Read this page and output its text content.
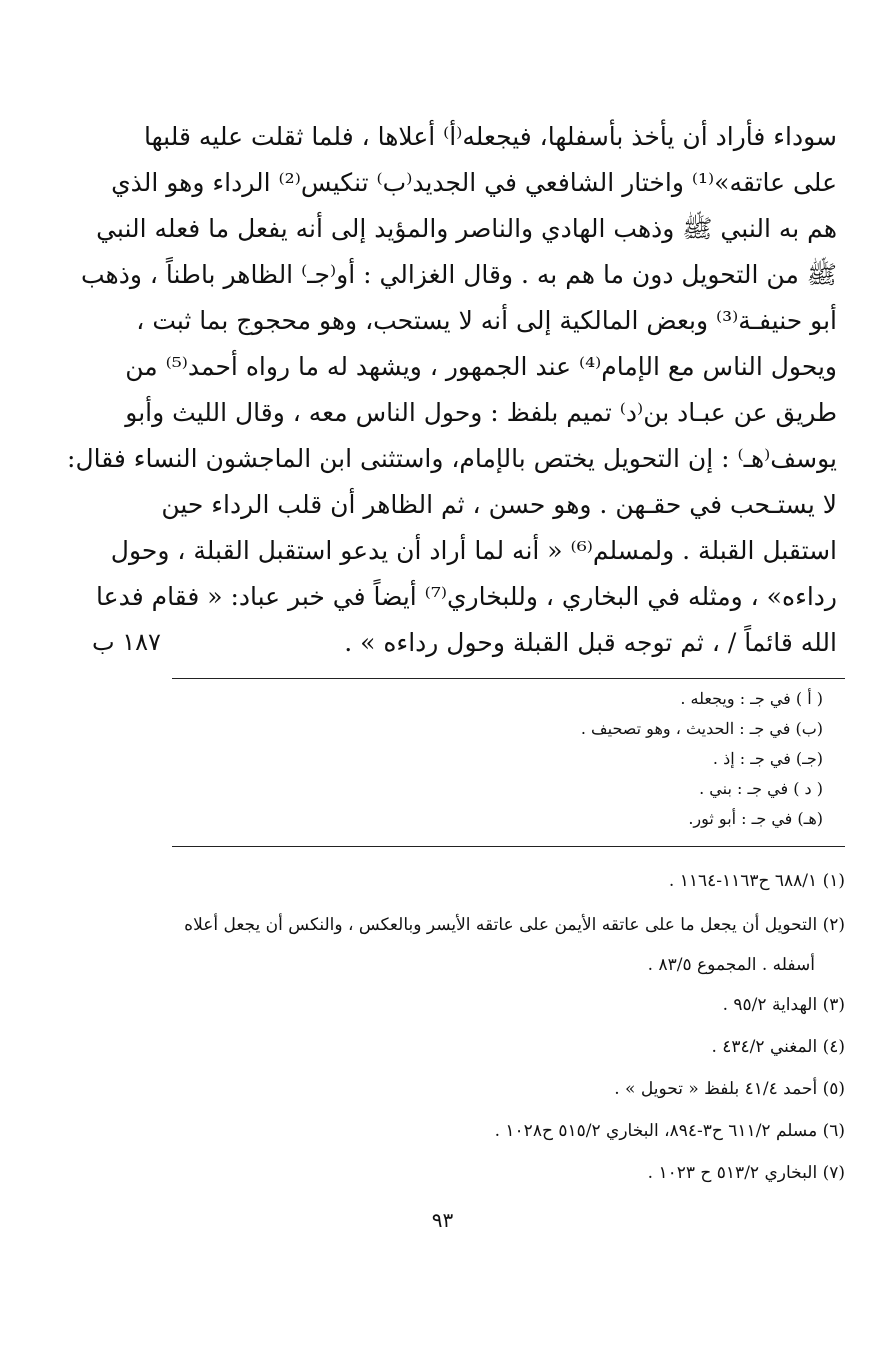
سوداء فأراد أن يأخذ بأسفلها، فيجعله⁽أ⁾ أعلاها ، فلما ثقلت عليه قلبها
على عاتقه»⁽¹⁾ واختار الشافعي في الجديد⁽ب⁾ تنكيس⁽²⁾ الرداء وهو الذي
هم به النبي ﷺ وذهب الهادي والناصر والمؤيد إلى أنه يفعل ما فعله النبي
ﷺ من التحويل دون ما هم به . وقال الغزالي : أو⁽جـ⁾ الظاهر باطناً ، وذهب
أبو حنيفـة⁽³⁾ وبعض المالكية إلى أنه لا يستحب، وهو محجوج بما ثبت ،
ويحول الناس مع الإمام⁽⁴⁾ عند الجمهور ، ويشهد له ما رواه أحمد⁽⁵⁾ من
طريق عن عبـاد بن⁽د⁾ تميم بلفظ : وحول الناس معه ، وقال الليث وأبو
يوسف⁽هـ⁾ : إن التحويل يختص بالإمام، واستثنى ابن الماجشون النساء فقال:
لا يستـحب في حقـهن . وهو حسن ، ثم الظاهر أن قلب الرداء حين
استقبل القبلة . ولمسلم⁽⁶⁾ « أنه لما أراد أن يدعو استقبل القبلة ، وحول
رداءه» ، ومثله في البخاري ، وللبخاري⁽⁷⁾ أيضاً في خبر عباد: « فقام فدعا
الله قائماً / ، ثم توجه قبل القبلة وحول رداءه » .
١٨٧ ب
( أ ) في جـ : ويجعله .
(ب) في جـ : الحديث ، وهو تصحيف .
(جـ) في جـ : إذ .
( د ) في جـ : بني .
(هـ) في جـ : أبو ثور.
(١) ٦٨٨/١ ح١١٦٣-١١٦٤ .
(٢) التحويل أن يجعل ما على عاتقه الأيمن على عاتقه الأيسر وبالعكس ، والنكس أن يجعل أعلاه
أسفله . المجموع ٨٣/٥ .
(٣) الهداية ٩٥/٢ .
(٤) المغني ٤٣٤/٢ .
(٥) أحمد ٤١/٤ بلفظ « تحويل » .
(٦) مسلم ٦١١/٢ ح٣-٨٩٤، البخاري ٥١٥/٢ ح١٠٢٨ .
(٧) البخاري ٥١٣/٢ ح ١٠٢٣ .
٩٣
